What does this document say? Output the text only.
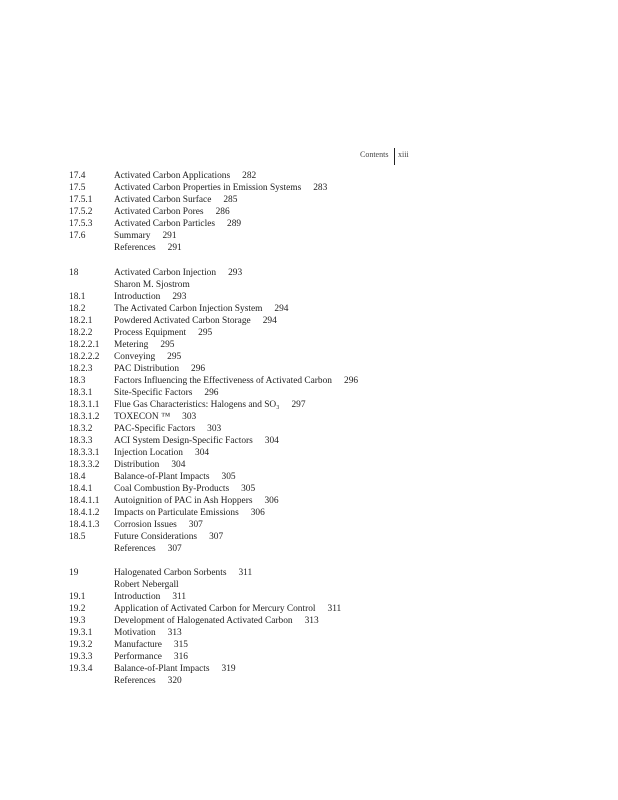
Contents xiii
17.4	Activated Carbon Applications 282
17.5	Activated Carbon Properties in Emission Systems 283
17.5.1	Activated Carbon Surface 285
17.5.2	Activated Carbon Pores 286
17.5.3	Activated Carbon Particles 289
17.6	Summary 291
References 291
18	Activated Carbon Injection 293
Sharon M. Sjostrom
18.1	Introduction 293
18.2	The Activated Carbon Injection System 294
18.2.1	Powdered Activated Carbon Storage 294
18.2.2	Process Equipment 295
18.2.2.1	Metering 295
18.2.2.2	Conveying 295
18.2.3	PAC Distribution 296
18.3	Factors Influencing the Effectiveness of Activated Carbon 296
18.3.1	Site-Specific Factors 296
18.3.1.1	Flue Gas Characteristics: Halogens and SO₃ 297
18.3.1.2	TOXECON ™ 303
18.3.2	PAC-Specific Factors 303
18.3.3	ACI System Design-Specific Factors 304
18.3.3.1	Injection Location 304
18.3.3.2	Distribution 304
18.4	Balance-of-Plant Impacts 305
18.4.1	Coal Combustion By-Products 305
18.4.1.1	Autoignition of PAC in Ash Hoppers 306
18.4.1.2	Impacts on Particulate Emissions 306
18.4.1.3	Corrosion Issues 307
18.5	Future Considerations 307
References 307
19	Halogenated Carbon Sorbents 311
Robert Nebergall
19.1	Introduction 311
19.2	Application of Activated Carbon for Mercury Control 311
19.3	Development of Halogenated Activated Carbon 313
19.3.1	Motivation 313
19.3.2	Manufacture 315
19.3.3	Performance 316
19.3.4	Balance-of-Plant Impacts 319
References 320
